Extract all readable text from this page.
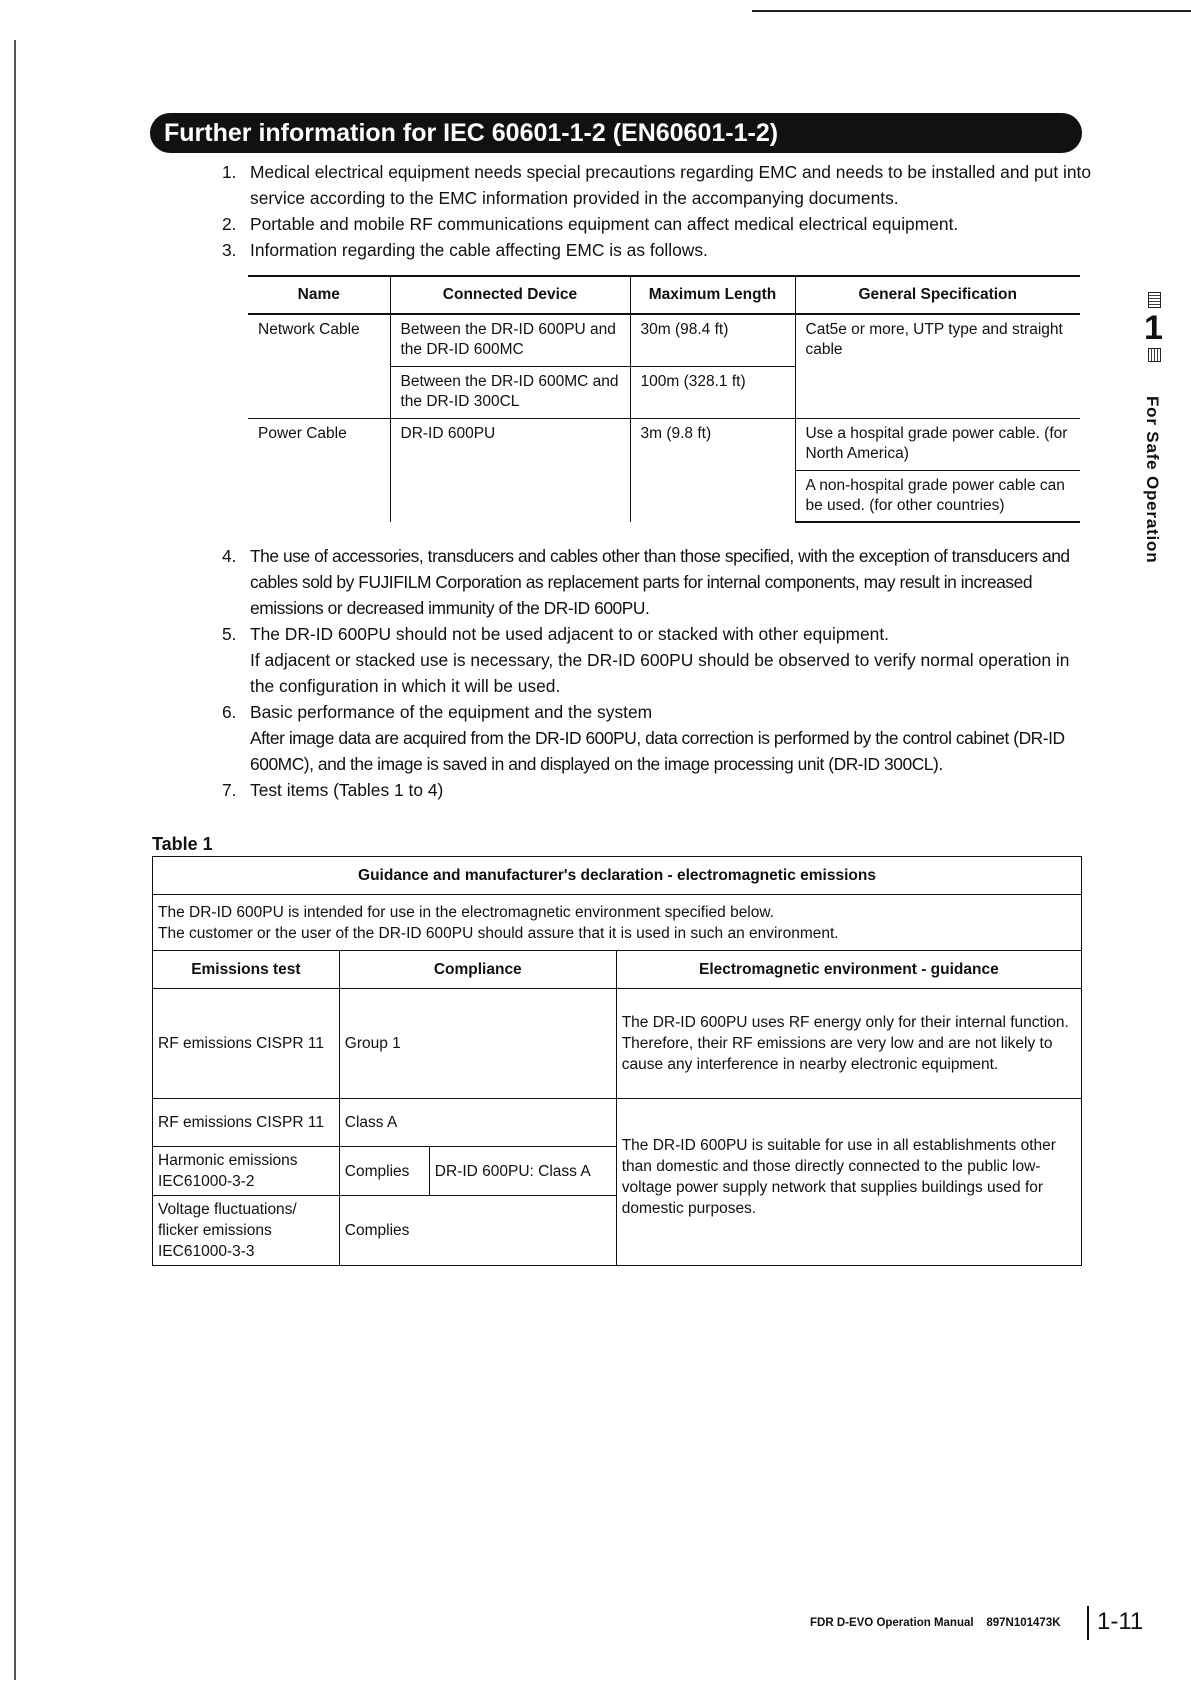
Further information for IEC 60601-1-2 (EN60601-1-2)
1. Medical electrical equipment needs special precautions regarding EMC and needs to be installed and put into service according to the EMC information provided in the accompanying documents.
2. Portable and mobile RF communications equipment can affect medical electrical equipment.
3. Information regarding the cable affecting EMC is as follows.
Name	Connected Device	Maximum Length	General Specification
Network Cable	Between the DR-ID 600PU and the DR-ID 600MC	30m (98.4 ft)	Cat5e or more, UTP type and straight cable
	Between the DR-ID 600MC and the DR-ID 300CL	100m (328.1 ft)	
Power Cable	DR-ID 600PU	3m (9.8 ft)	Use a hospital grade power cable. (for North America)
			A non-hospital grade power cable can be used. (for other countries)
4. The use of accessories, transducers and cables other than those specified, with the exception of transducers and cables sold by FUJIFILM Corporation as replacement parts for internal components, may result in increased emissions or decreased immunity of the DR-ID 600PU.
5. The DR-ID 600PU should not be used adjacent to or stacked with other equipment.
If adjacent or stacked use is necessary, the DR-ID 600PU should be observed to verify normal operation in the configuration in which it will be used.
6. Basic performance of the equipment and the system
After image data are acquired from the DR-ID 600PU, data correction is performed by the control cabinet (DR-ID 600MC), and the image is saved in and displayed on the image processing unit (DR-ID 300CL).
7. Test items (Tables 1 to 4)
Table 1
Guidance and manufacturer's declaration - electromagnetic emissions			

The DR-ID 600PU is intended for use in the electromagnetic environment specified below.
The customer or the user of the DR-ID 600PU should assure that it is used in such an environment.			

Emissions test	Compliance		Electromagnetic environment - guidance
RF emissions CISPR 11	Group 1		The DR-ID 600PU uses RF energy only for their internal function. Therefore, their RF emissions are very low and are not likely to cause any interference in nearby electronic equipment.
RF emissions CISPR 11	Class A		The DR-ID 600PU is suitable for use in all establishments other than domestic and those directly connected to the public low-voltage power supply network that supplies buildings used for domestic purposes.
Harmonic emissions IEC61000-3-2	Complies	DR-ID 600PU: Class A	
Voltage fluctuations/ flicker emissions IEC61000-3-3	Complies		
1
For Safe Operation
FDR D-EVO Operation Manual 897N101473K 1-11
